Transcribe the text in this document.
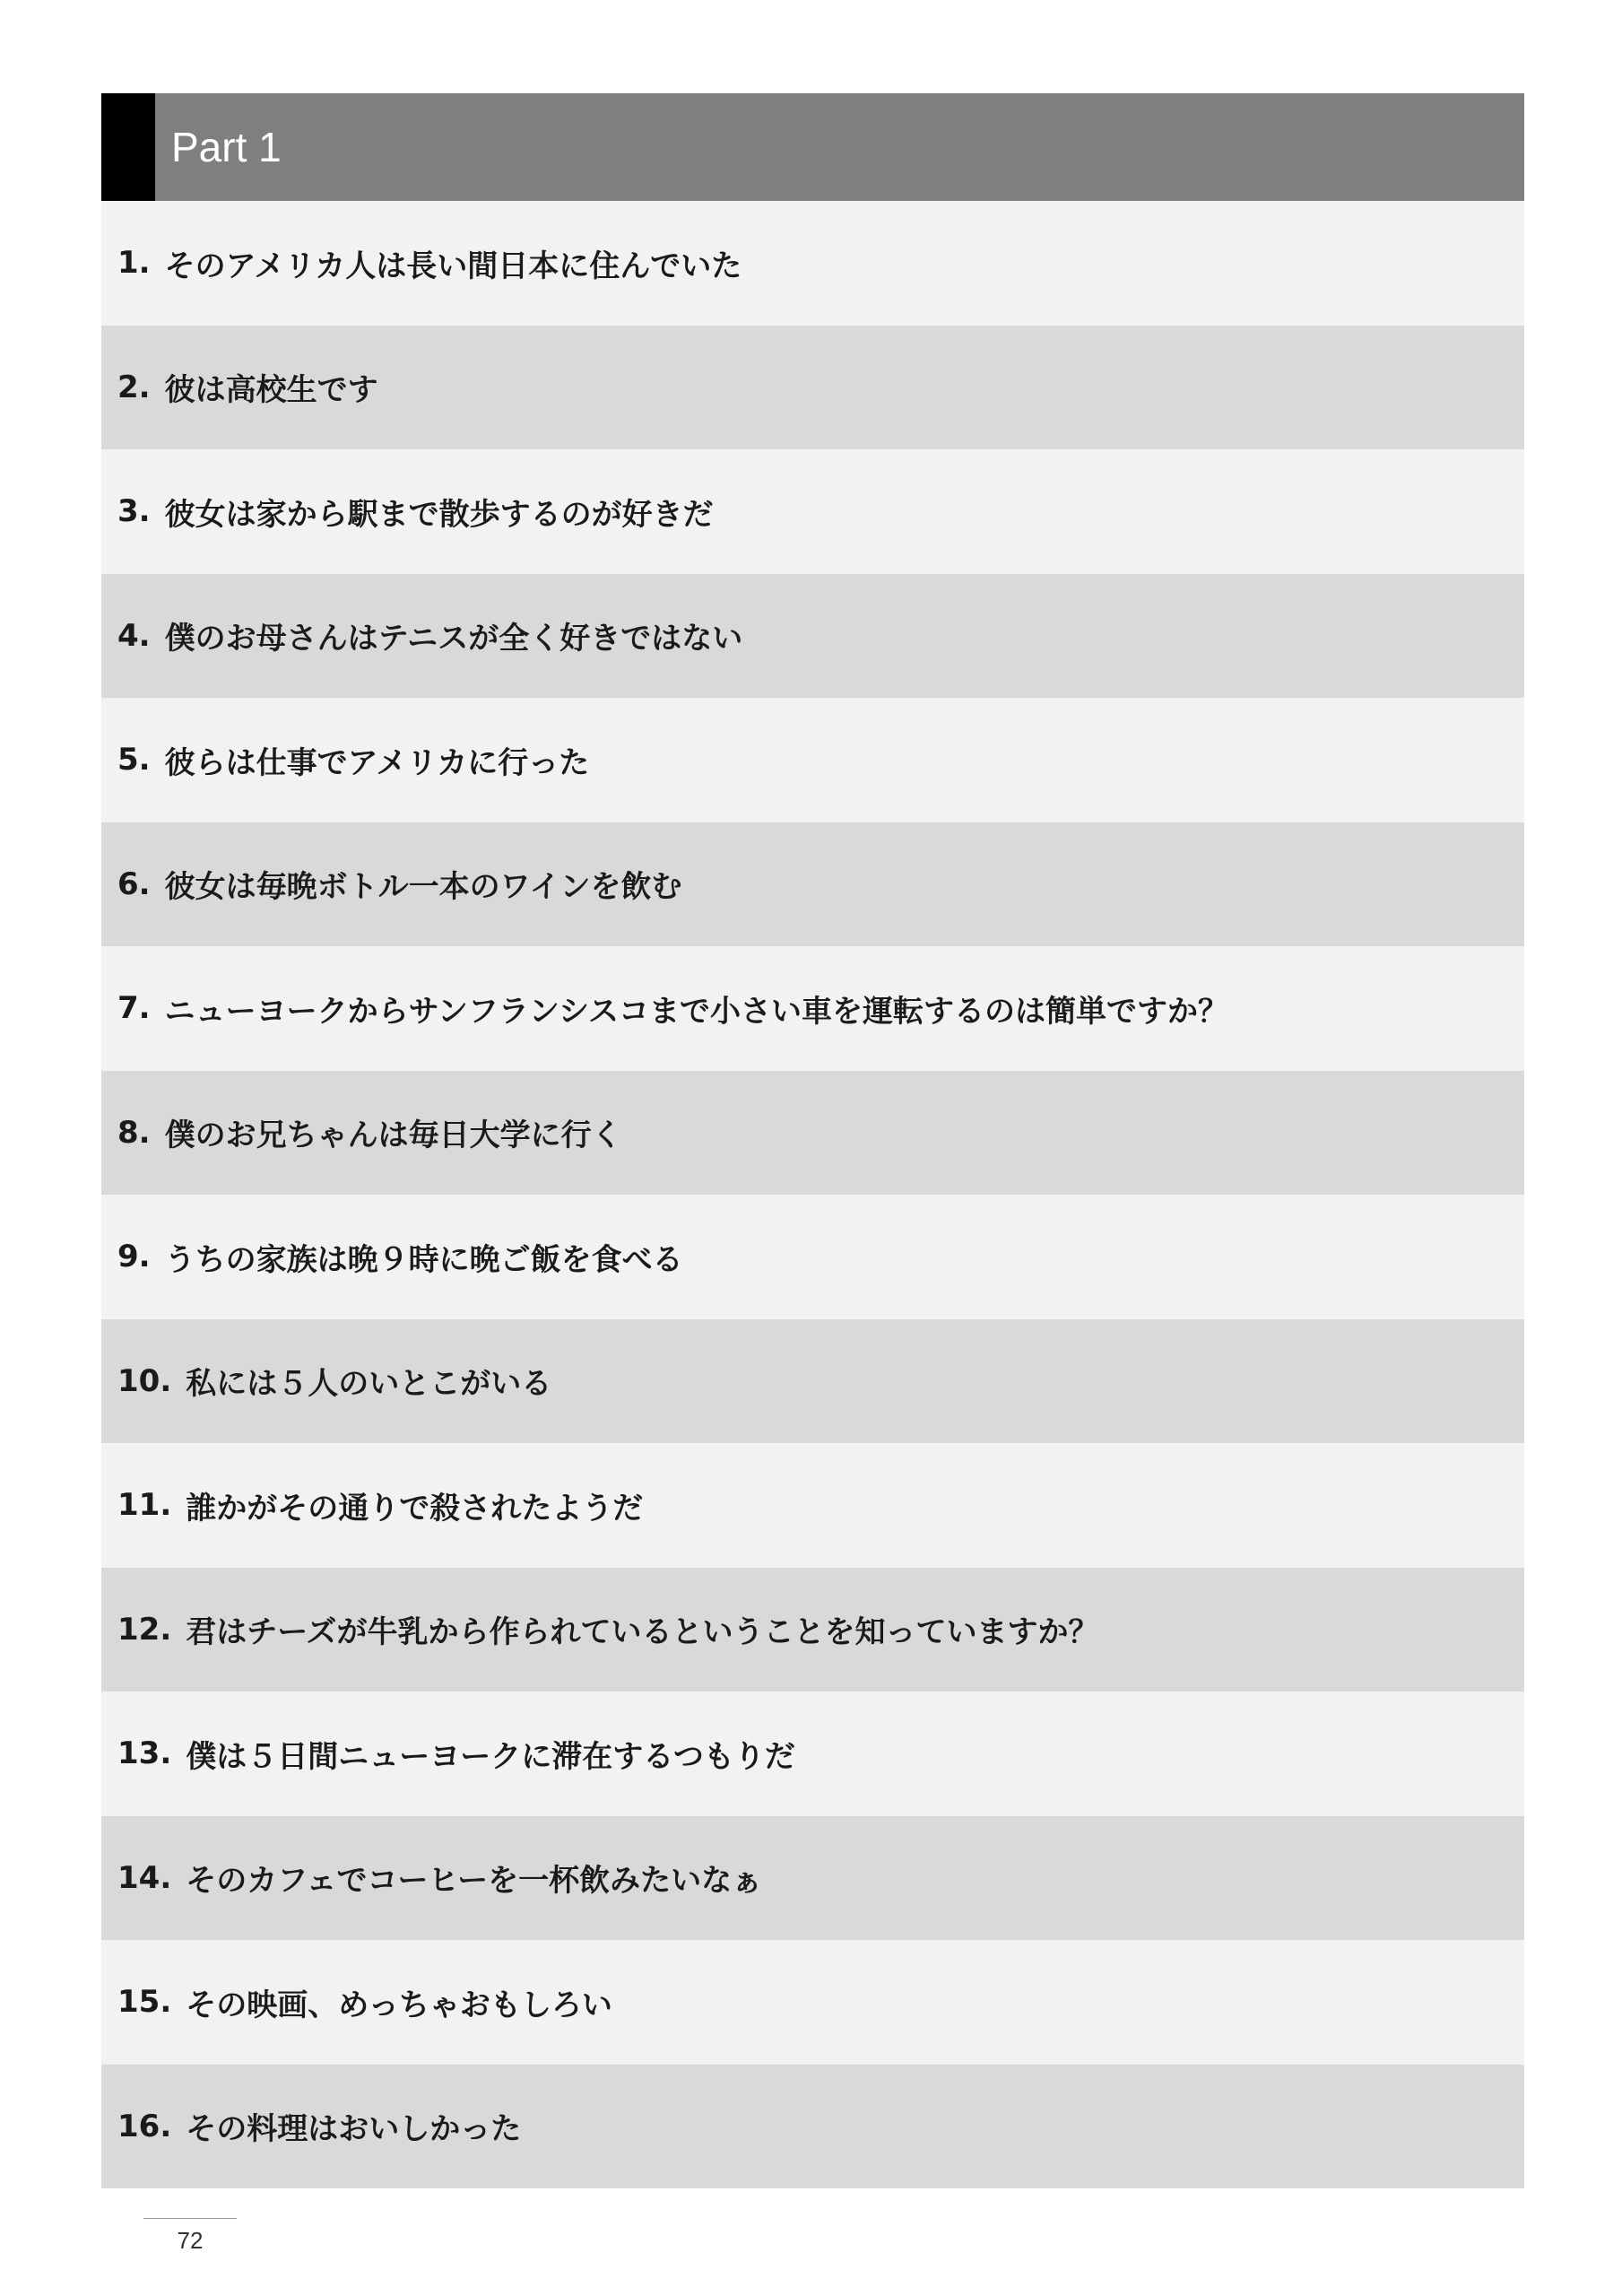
Part 1
1. そのアメリカ人は長い間日本に住んでいた
2. 彼は高校生です
3. 彼女は家から駅まで散歩するのが好きだ
4. 僕のお母さんはテニスが全く好きではない
5. 彼らは仕事でアメリカに行った
6. 彼女は毎晩ボトル一本のワインを飲む
7. ニューヨークからサンフランシスコまで小さい車を運転するのは簡単ですか？
8. 僕のお兄ちゃんは毎日大学に行く
9. うちの家族は晩９時に晩ご飯を食べる
10. 私には５人のいとこがいる
11. 誰かがその通りで殺されたようだ
12. 君はチーズが牛乳から作られているということを知っていますか？
13. 僕は５日間ニューヨークに滞在するつもりだ
14. そのカフェでコーヒーを一杯飲みたいなぁ
15. その映画、めっちゃおもしろい
16. その料理はおいしかった
72
